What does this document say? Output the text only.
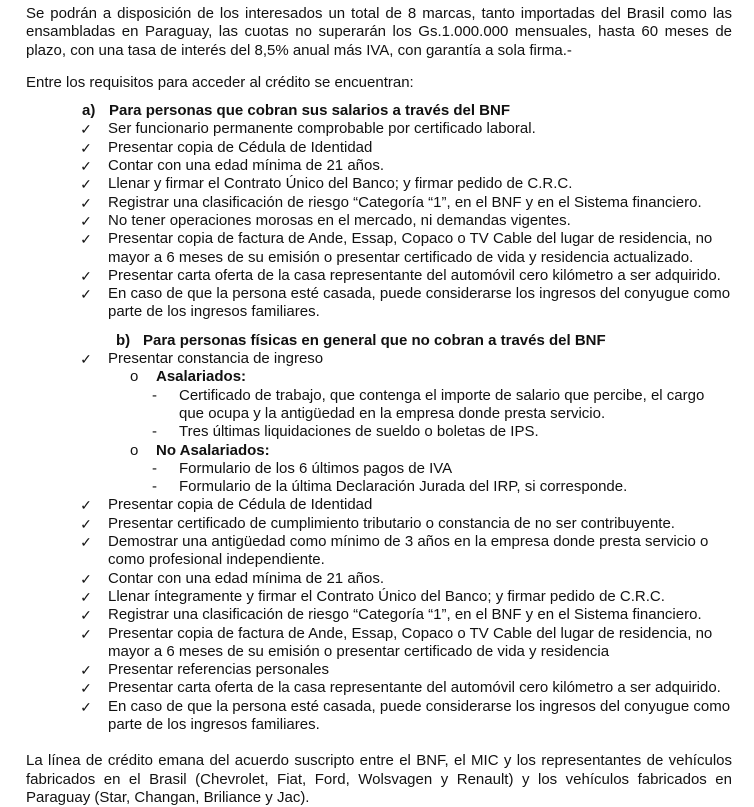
Se podrán a disposición de los interesados un total de 8 marcas, tanto importadas del Brasil como las ensambladas en Paraguay, las cuotas no superarán los Gs.1.000.000 mensuales, hasta 60 meses de plazo, con una tasa de interés del 8,5% anual más IVA, con garantía a sola firma.-

Entre los requisitos para acceder al crédito se encuentran:

a) Para personas que cobran sus salarios a través del BNF
✓ Ser funcionario permanente comprobable por certificado laboral.
✓ Presentar copia de Cédula de Identidad
✓ Contar con una edad mínima de 21 años.
✓ Llenar y firmar el Contrato Único del Banco; y firmar pedido de C.R.C.
✓ Registrar una clasificación de riesgo “Categoría “1”, en el BNF y en el Sistema financiero.
✓ No tener operaciones morosas en el mercado, ni demandas vigentes.
✓ Presentar copia de factura de Ande, Essap, Copaco o TV Cable del lugar de residencia, no mayor a 6 meses de su emisión o presentar certificado de vida y residencia actualizado.
✓ Presentar carta oferta de la casa representante del automóvil cero kilómetro a ser adquirido.
✓ En caso de que la persona esté casada, puede considerarse los ingresos del conyugue como parte de los ingresos familiares.
b) Para personas físicas en general que no cobran a través del BNF
✓ Presentar constancia de ingreso
o Asalariados:
- Certificado de trabajo, que contenga el importe de salario que percibe, el cargo que ocupa y la antigüedad en la empresa donde presta servicio.
- Tres últimas liquidaciones de sueldo o boletas de IPS.
o No Asalariados:
- Formulario de los 6 últimos pagos de IVA
- Formulario de la última Declaración Jurada del IRP, si corresponde.
✓ Presentar copia de Cédula de Identidad
✓ Presentar certificado de cumplimiento tributario o constancia de no ser contribuyente.
✓ Demostrar una antigüedad como mínimo de 3 años en la empresa donde presta servicio o como profesional independiente.
✓ Contar con una edad mínima de 21 años.
✓ Llenar íntegramente y firmar el Contrato Único del Banco; y firmar pedido de C.R.C.
✓ Registrar una clasificación de riesgo “Categoría “1”, en el BNF y en el Sistema financiero.
✓ Presentar copia de factura de Ande, Essap, Copaco o TV Cable del lugar de residencia, no mayor a 6 meses de su emisión o presentar certificado de vida y residencia
✓ Presentar referencias personales
✓ Presentar carta oferta de la casa representante del automóvil cero kilómetro a ser adquirido.
✓ En caso de que la persona esté casada, puede considerarse los ingresos del conyugue como parte de los ingresos familiares.

La línea de crédito emana del acuerdo suscripto entre el BNF, el MIC y los representantes de vehículos fabricados en el Brasil (Chevrolet, Fiat, Ford, Wolsvagen y Renault) y los vehículos fabricados en Paraguay (Star, Changan, Briliance y Jac).
